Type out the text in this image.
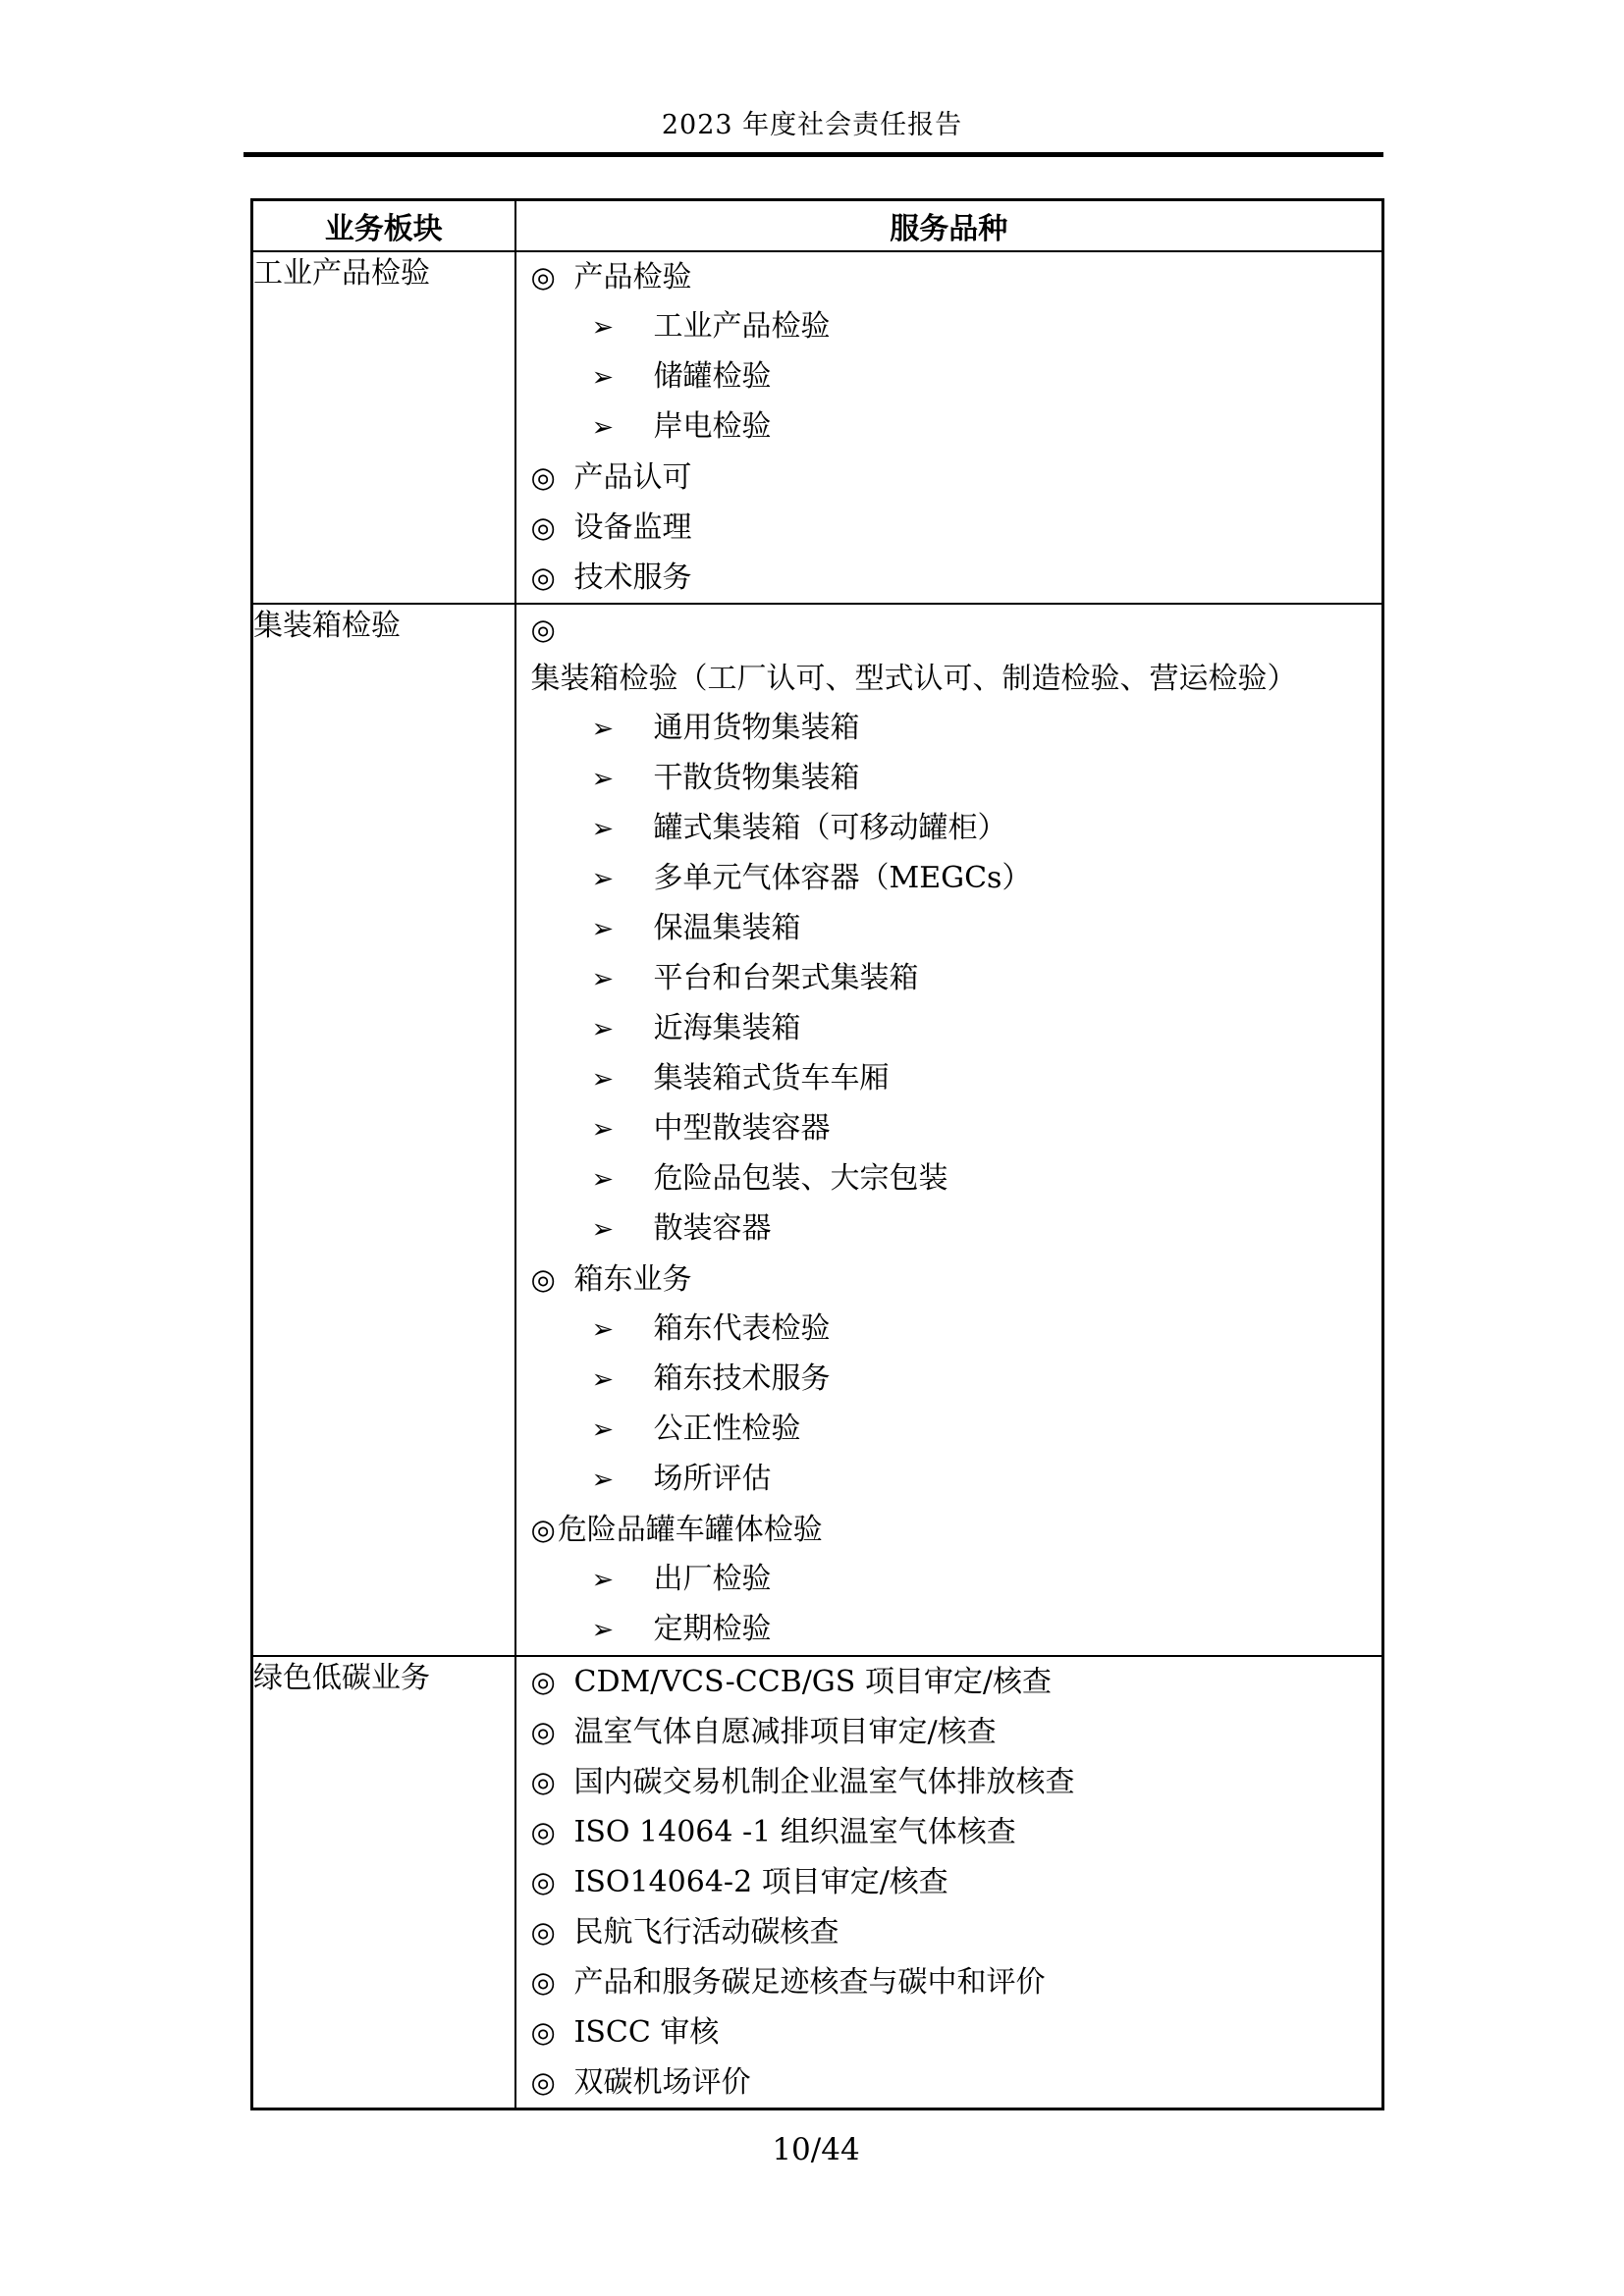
2023 年度社会责任报告
业务板块	服务品种
工业产品检验	◎ 产品检验
➢ 工业产品检验
➢ 储罐检验
➢ 岸电检验
◎ 产品认可
◎ 设备监理
◎ 技术服务

集装箱检验	◎集装箱检验（工厂认可、型式认可、制造检验、营运检验）
➢ 通用货物集装箱
➢ 干散货物集装箱
➢ 罐式集装箱（可移动罐柜）
➢ 多单元气体容器（MEGCs）
➢ 保温集装箱
➢ 平台和台架式集装箱
➢ 近海集装箱
➢ 集装箱式货车车厢
➢ 中型散装容器
➢ 危险品包装、大宗包装
➢ 散装容器
◎ 箱东业务
➢ 箱东代表检验
➢ 箱东技术服务
➢ 公正性检验
➢ 场所评估
◎危险品罐车罐体检验
➢ 出厂检验
➢ 定期检验

绿色低碳业务	◎ CDM/VCS-CCB/GS 项目审定/核查
◎ 温室气体自愿减排项目审定/核查
◎ 国内碳交易机制企业温室气体排放核查
◎ ISO 14064 -1 组织温室气体核查
◎ ISO14064-2 项目审定/核查
◎ 民航飞行活动碳核查
◎ 产品和服务碳足迹核查与碳中和评价
◎ ISCC 审核
◎ 双碳机场评价
10/44
